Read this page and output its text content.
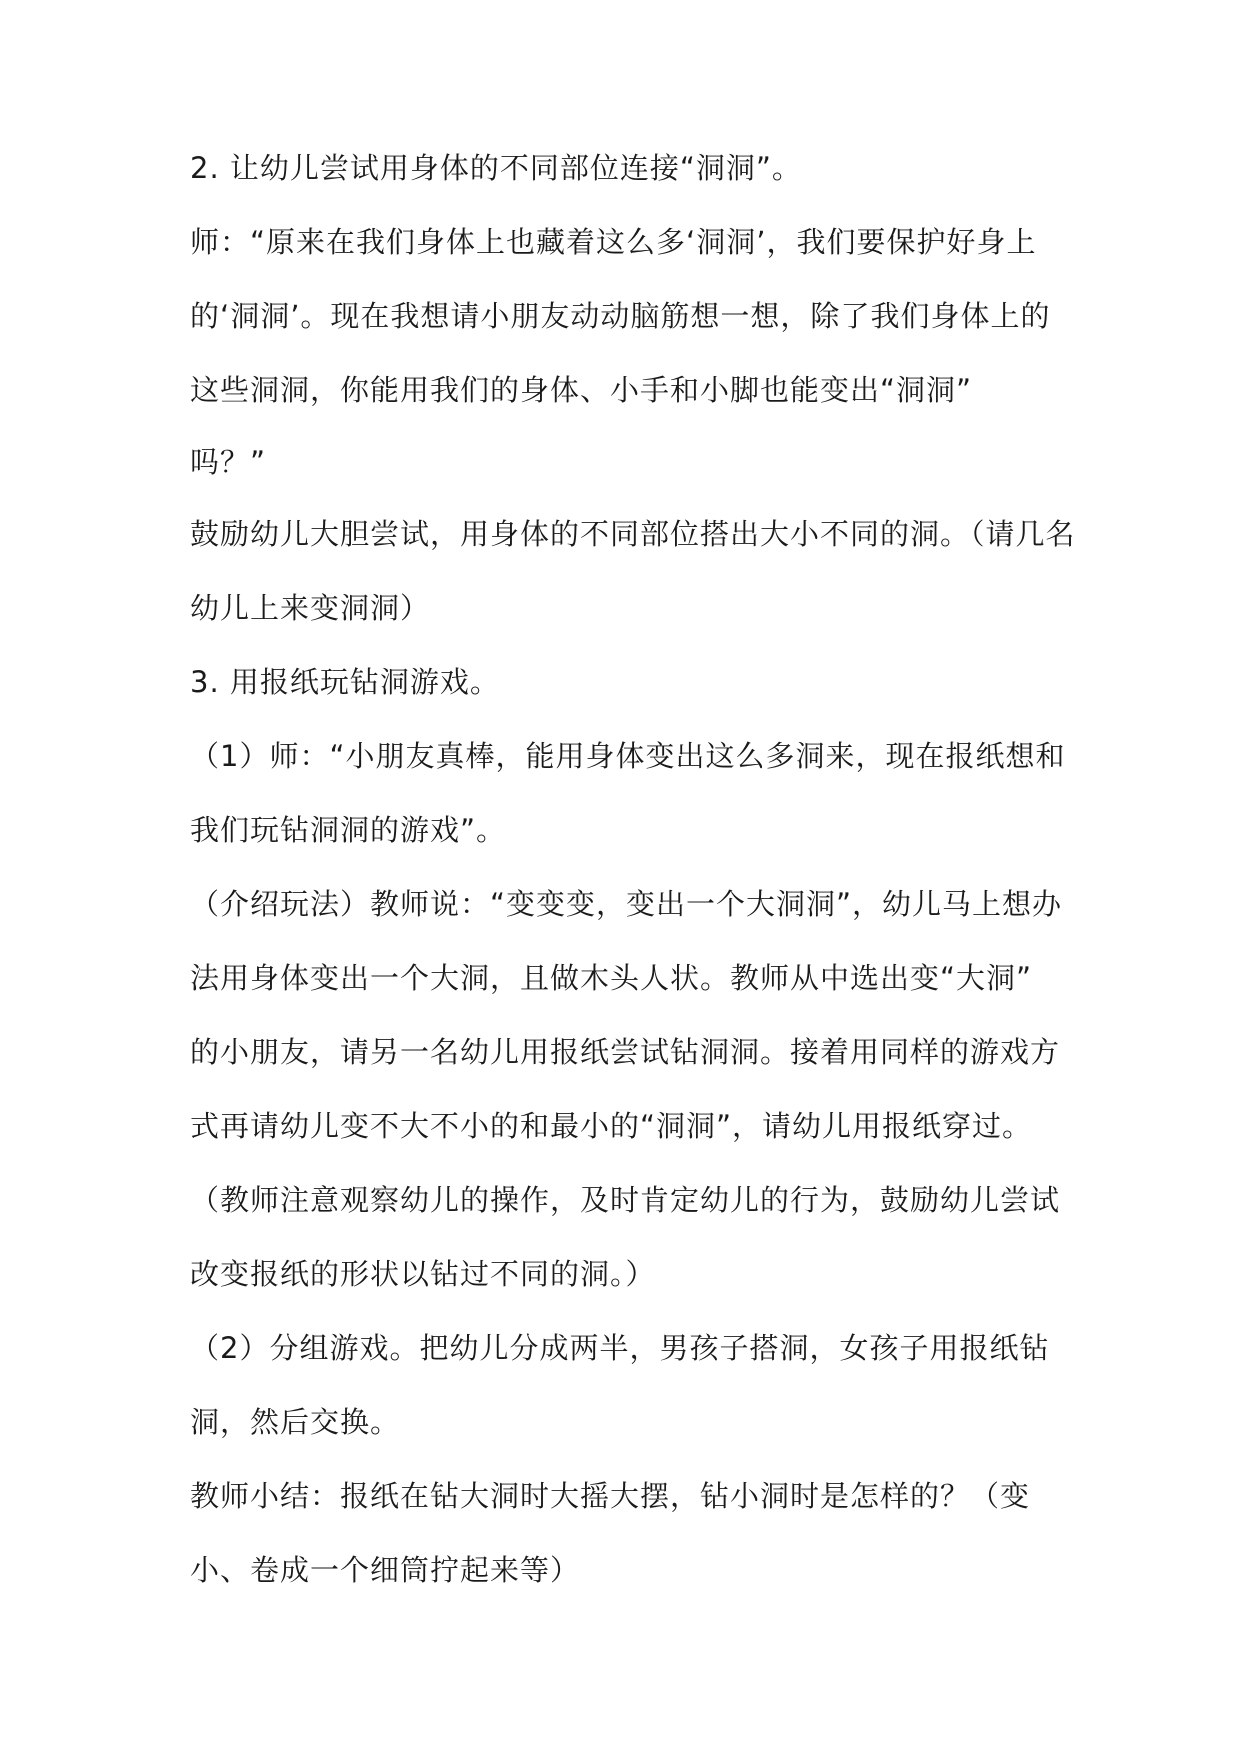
2. 让幼儿尝试用身体的不同部位连接“洞洞”。
师：“原来在我们身体上也藏着这么多‘洞洞’，我们要保护好身上
的‘洞洞’。现在我想请小朋友动动脑筋想一想，除了我们身体上的
这些洞洞，你能用我们的身体、小手和小脚也能变出“洞洞”
吗？”
鼓励幼儿大胆尝试，用身体的不同部位搭出大小不同的洞。（请几名
幼儿上来变洞洞）
3. 用报纸玩钻洞游戏。
（1）师：“小朋友真棒，能用身体变出这么多洞来，现在报纸想和
我们玩钻洞洞的游戏”。
（介绍玩法）教师说：“变变变，变出一个大洞洞”，幼儿马上想办
法用身体变出一个大洞，且做木头人状。教师从中选出变“大洞”
的小朋友，请另一名幼儿用报纸尝试钻洞洞。接着用同样的游戏方
式再请幼儿变不大不小的和最小的“洞洞”，请幼儿用报纸穿过。
（教师注意观察幼儿的操作，及时肯定幼儿的行为，鼓励幼儿尝试
改变报纸的形状以钻过不同的洞。）
（2）分组游戏。把幼儿分成两半，男孩子搭洞，女孩子用报纸钻
洞，然后交换。
教师小结：报纸在钻大洞时大摇大摆，钻小洞时是怎样的？（变
小、卷成一个细筒拧起来等）
